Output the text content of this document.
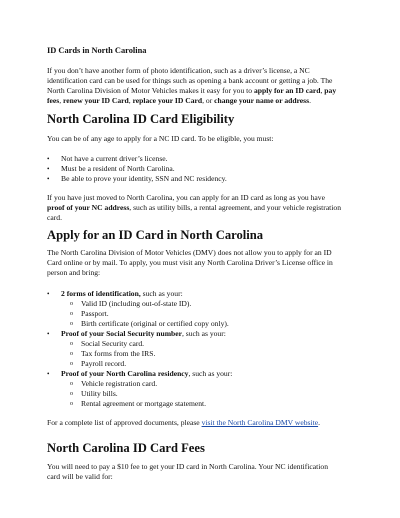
ID Cards in North Carolina
If you don’t have another form of photo identification, such as a driver’s license, a NC
identification card can be used for things such as opening a bank account or getting a job. The
North Carolina Division of Motor Vehicles makes it easy for you to apply for an ID card, pay
fees, renew your ID Card, replace your ID Card, or change your name or address.
North Carolina ID Card Eligibility
You can be of any age to apply for a NC ID card. To be eligible, you must:
• Not have a current driver’s license.
• Must be a resident of North Carolina.
• Be able to prove your identity, SSN and NC residency.
If you have just moved to North Carolina, you can apply for an ID card as long as you have
proof of your NC address, such as utility bills, a rental agreement, and your vehicle registration
card.
Apply for an ID Card in North Carolina
The North Carolina Division of Motor Vehicles (DMV) does not allow you to apply for an ID
Card online or by mail. To apply, you must visit any North Carolina Driver’s License office in
person and bring:
• 2 forms of identification, such as your:
o Valid ID (including out-of-state ID).
o Passport.
o Birth certificate (original or certified copy only).
• Proof of your Social Security number, such as your:
o Social Security card.
o Tax forms from the IRS.
o Payroll record.
• Proof of your North Carolina residency, such as your:
o Vehicle registration card.
o Utility bills.
o Rental agreement or mortgage statement.
For a complete list of approved documents, please visit the North Carolina DMV website.
North Carolina ID Card Fees
You will need to pay a $10 fee to get your ID card in North Carolina. Your NC identification
card will be valid for:
